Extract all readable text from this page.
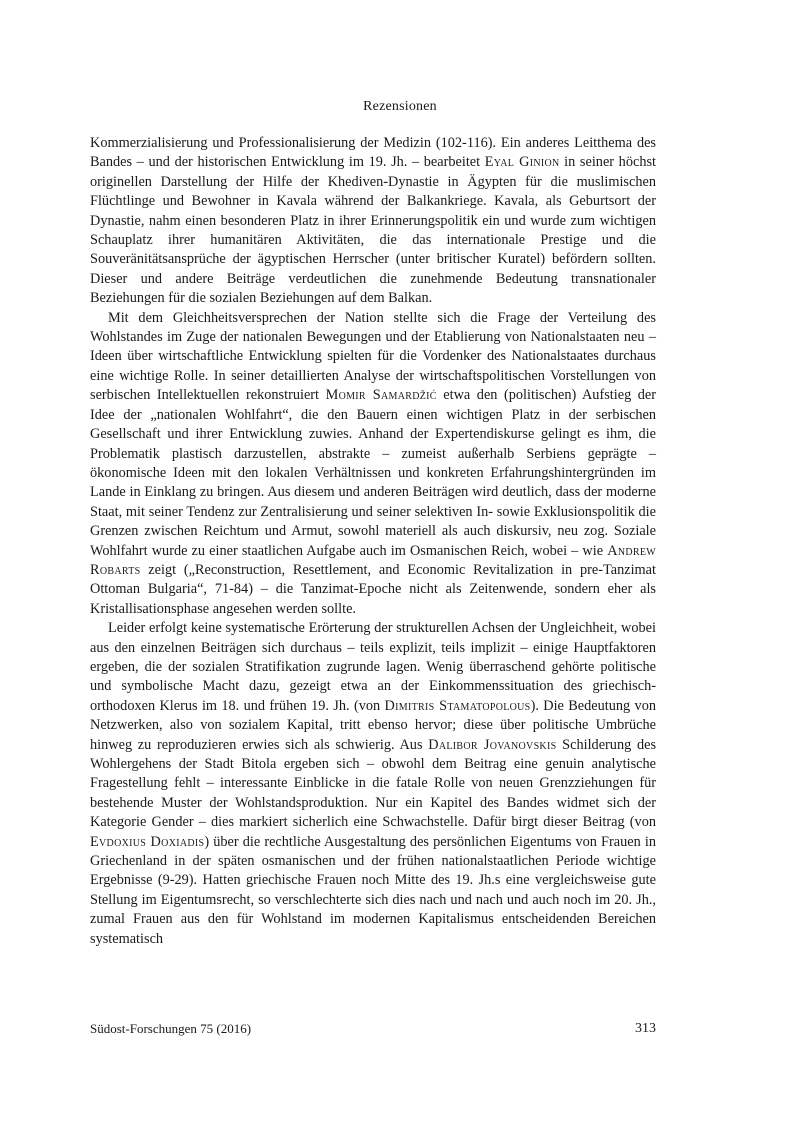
Rezensionen

Kommerzialisierung und Professionalisierung der Medizin (102-116). Ein anderes Leitthema des Bandes – und der historischen Entwicklung im 19. Jh. – bearbeitet Eyal Ginion in seiner höchst originellen Darstellung der Hilfe der Khediven-Dynastie in Ägypten für die muslimischen Flüchtlinge und Bewohner in Kavala während der Balkankriege. Kavala, als Geburtsort der Dynastie, nahm einen besonderen Platz in ihrer Erinnerungspolitik ein und wurde zum wichtigen Schauplatz ihrer humanitären Aktivitäten, die das internationale Prestige und die Souveränitätsansprüche der ägyptischen Herrscher (unter britischer Kuratel) befördern sollten. Dieser und andere Beiträge verdeutlichen die zunehmende Bedeutung transnationaler Beziehungen für die sozialen Beziehungen auf dem Balkan.

Mit dem Gleichheitsversprechen der Nation stellte sich die Frage der Verteilung des Wohlstandes im Zuge der nationalen Bewegungen und der Etablierung von Nationalstaaten neu – Ideen über wirtschaftliche Entwicklung spielten für die Vordenker des Nationalstaates durchaus eine wichtige Rolle. In seiner detaillierten Analyse der wirtschaftspolitischen Vorstellungen von serbischen Intellektuellen rekonstruiert Momir Samardžić etwa den (politischen) Aufstieg der Idee der „nationalen Wohlfahrt“, die den Bauern einen wichtigen Platz in der serbischen Gesellschaft und ihrer Entwicklung zuwies. Anhand der Expertendiskurse gelingt es ihm, die Problematik plastisch darzustellen, abstrakte – zumeist außerhalb Serbiens geprägte – ökonomische Ideen mit den lokalen Verhältnissen und konkreten Erfahrungshintergründen im Lande in Einklang zu bringen. Aus diesem und anderen Beiträgen wird deutlich, dass der moderne Staat, mit seiner Tendenz zur Zentralisierung und seiner selektiven In- sowie Exklusionspolitik die Grenzen zwischen Reichtum und Armut, sowohl materiell als auch diskursiv, neu zog. Soziale Wohlfahrt wurde zu einer staatlichen Aufgabe auch im Osmanischen Reich, wobei – wie Andrew Robarts zeigt („Reconstruction, Resettlement, and Economic Revitalization in pre-Tanzimat Ottoman Bulgaria“, 71-84) – die Tanzimat-Epoche nicht als Zeitenwende, sondern eher als Kristallisationsphase angesehen werden sollte.

Leider erfolgt keine systematische Erörterung der strukturellen Achsen der Ungleichheit, wobei aus den einzelnen Beiträgen sich durchaus – teils explizit, teils implizit – einige Hauptfaktoren ergeben, die der sozialen Stratifikation zugrunde lagen. Wenig überraschend gehörte politische und symbolische Macht dazu, gezeigt etwa an der Einkommenssituation des griechisch-orthodoxen Klerus im 18. und frühen 19. Jh. (von Dimitris Stamatopolous). Die Bedeutung von Netzwerken, also von sozialem Kapital, tritt ebenso hervor; diese über politische Umbrüche hinweg zu reproduzieren erwies sich als schwierig. Aus Dalibor Jovanovskis Schilderung des Wohlergehens der Stadt Bitola ergeben sich – obwohl dem Beitrag eine genuin analytische Fragestellung fehlt – interessante Einblicke in die fatale Rolle von neuen Grenzziehungen für bestehende Muster der Wohlstandsproduktion. Nur ein Kapitel des Bandes widmet sich der Kategorie Gender – dies markiert sicherlich eine Schwachstelle. Dafür birgt dieser Beitrag (von Evdoxius Doxiadis) über die rechtliche Ausgestaltung des persönlichen Eigentums von Frauen in Griechenland in der späten osmanischen und der frühen nationalstaatlichen Periode wichtige Ergebnisse (9-29). Hatten griechische Frauen noch Mitte des 19. Jh.s eine vergleichsweise gute Stellung im Eigentumsrecht, so verschlechterte sich dies nach und nach und auch noch im 20. Jh., zumal Frauen aus den für Wohlstand im modernen Kapitalismus entscheidenden Bereichen systematisch

Südost-Forschungen 75 (2016)	313
